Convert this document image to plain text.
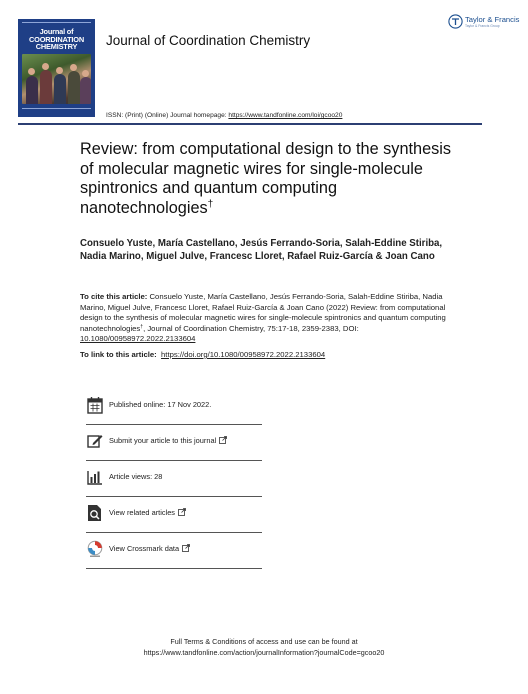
Journal of
COORDINATION
CHEMISTRY	Journal of Coordination Chemistry
Taylor & Francis
Taylor & Francis Group
ISSN: (Print) (Online) Journal homepage: https://www.tandfonline.com/loi/gcoo20
Review: from computational design to the synthesis of molecular magnetic wires for single-molecule spintronics and quantum computing nanotechnologies†
Consuelo Yuste, María Castellano, Jesús Ferrando-Soria, Salah-Eddine Stiriba, Nadia Marino, Miguel Julve, Francesc Lloret, Rafael Ruiz-García & Joan Cano
To cite this article: Consuelo Yuste, María Castellano, Jesús Ferrando-Soria, Salah-Eddine Stiriba, Nadia Marino, Miguel Julve, Francesc Lloret, Rafael Ruiz-García & Joan Cano (2022) Review: from computational design to the synthesis of molecular magnetic wires for single-molecule spintronics and quantum computing nanotechnologies†, Journal of Coordination Chemistry, 75:17-18, 2359-2383, DOI: 10.1080/00958972.2022.2133604
To link to this article: https://doi.org/10.1080/00958972.2022.2133604
Published online: 17 Nov 2022.
Submit your article to this journal
Article views: 28
View related articles
View Crossmark data
Full Terms & Conditions of access and use can be found at
https://www.tandfonline.com/action/journalInformation?journalCode=gcoo20
